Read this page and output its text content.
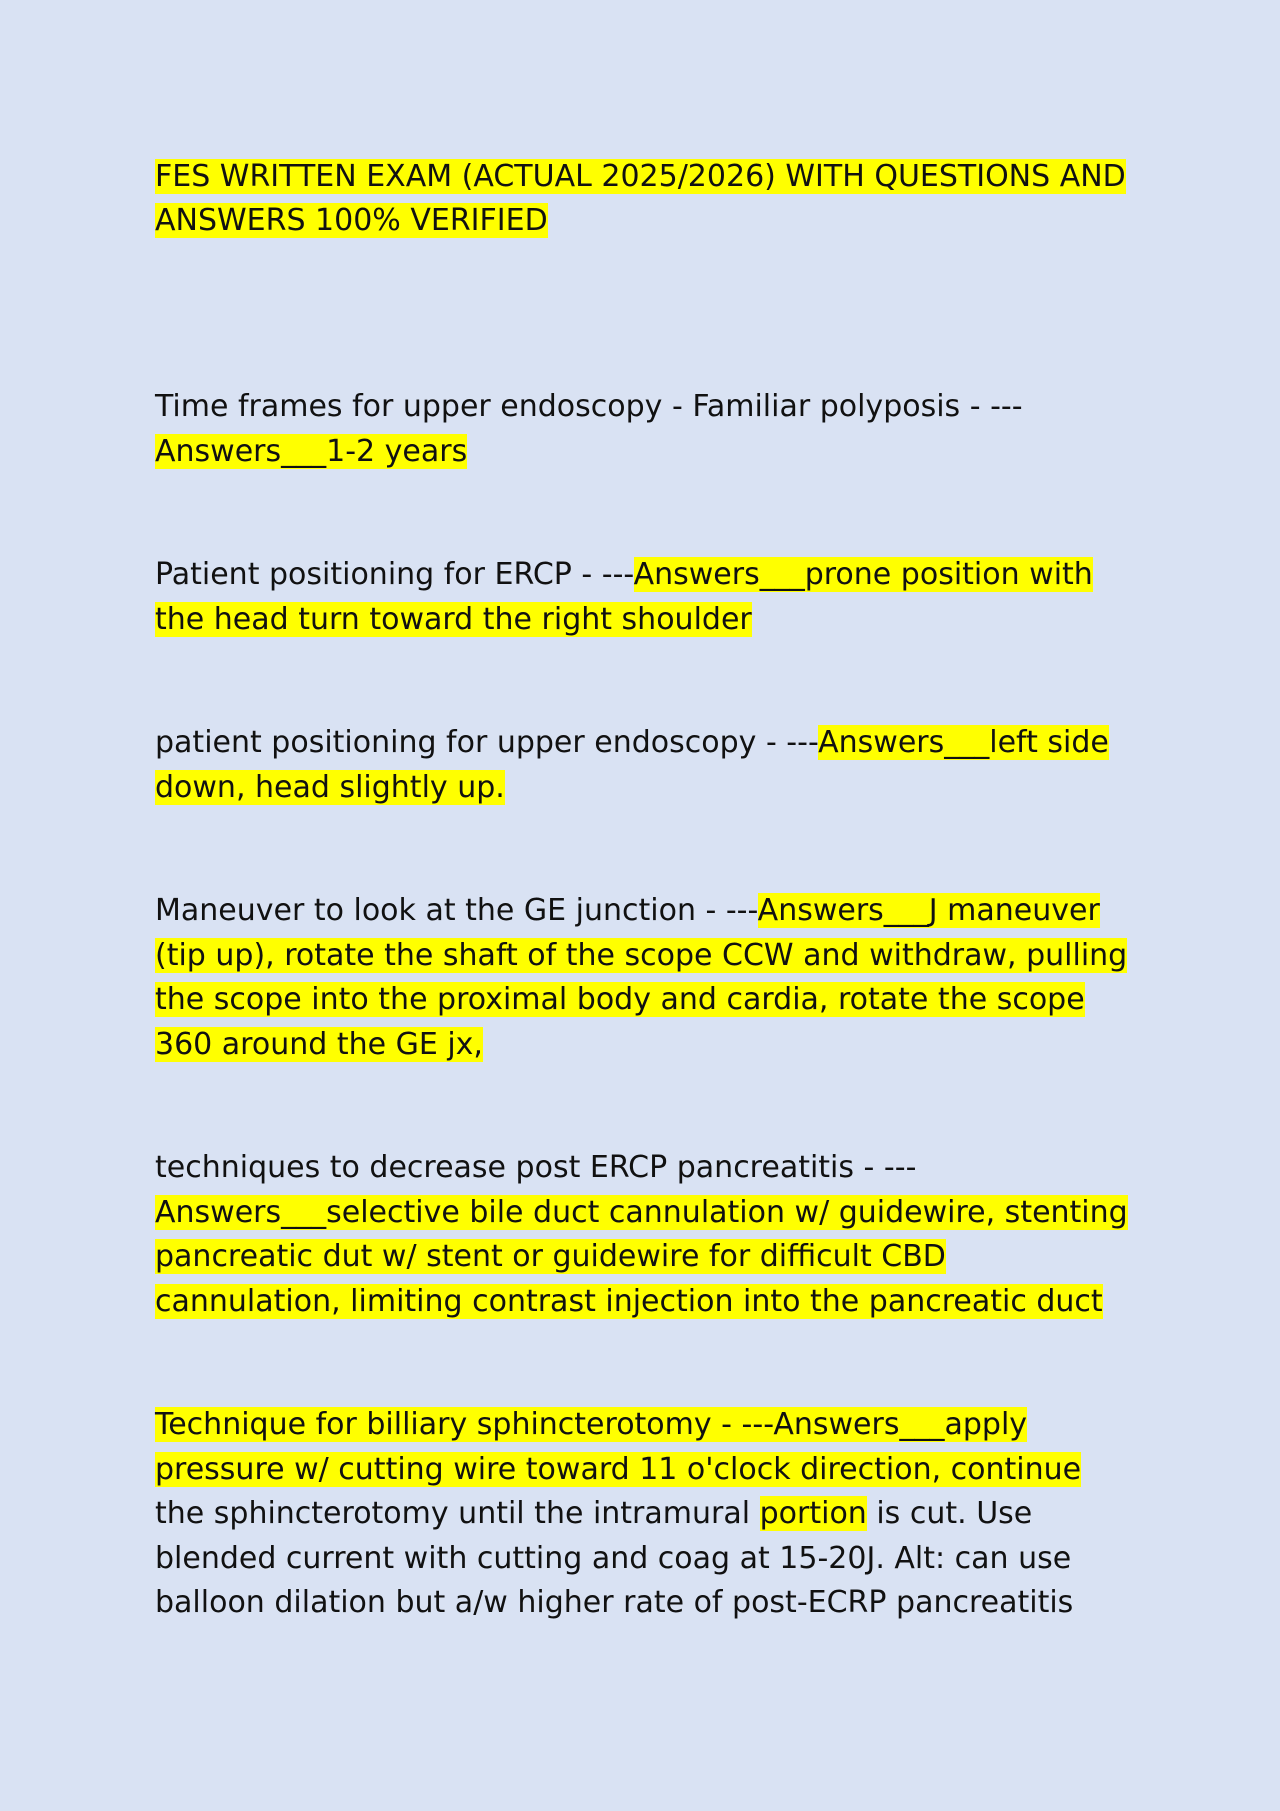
FES WRITTEN EXAM (ACTUAL 2025/2026) WITH QUESTIONS AND ANSWERS 100% VERIFIED

Time frames for upper endoscopy - Familiar polyposis - --- Answers___1-2 years

Patient positioning for ERCP - ---Answers___prone position with the head turn toward the right shoulder

patient positioning for upper endoscopy - ---Answers___left side down, head slightly up.

Maneuver to look at the GE junction - ---Answers___J maneuver (tip up), rotate the shaft of the scope CCW and withdraw, pulling the scope into the proximal body and cardia, rotate the scope 360 around the GE jx,

techniques to decrease post ERCP pancreatitis - --- Answers___selective bile duct cannulation w/ guidewire, stenting pancreatic dut w/ stent or guidewire for difficult CBD cannulation, limiting contrast injection into the pancreatic duct

Technique for billiary sphincterotomy - ---Answers___apply pressure w/ cutting wire toward 11 o'clock direction, continue the sphincterotomy until the intramural portion is cut. Use blended current with cutting and coag at 15-20J. Alt: can use balloon dilation but a/w higher rate of post-ECRP pancreatitis
